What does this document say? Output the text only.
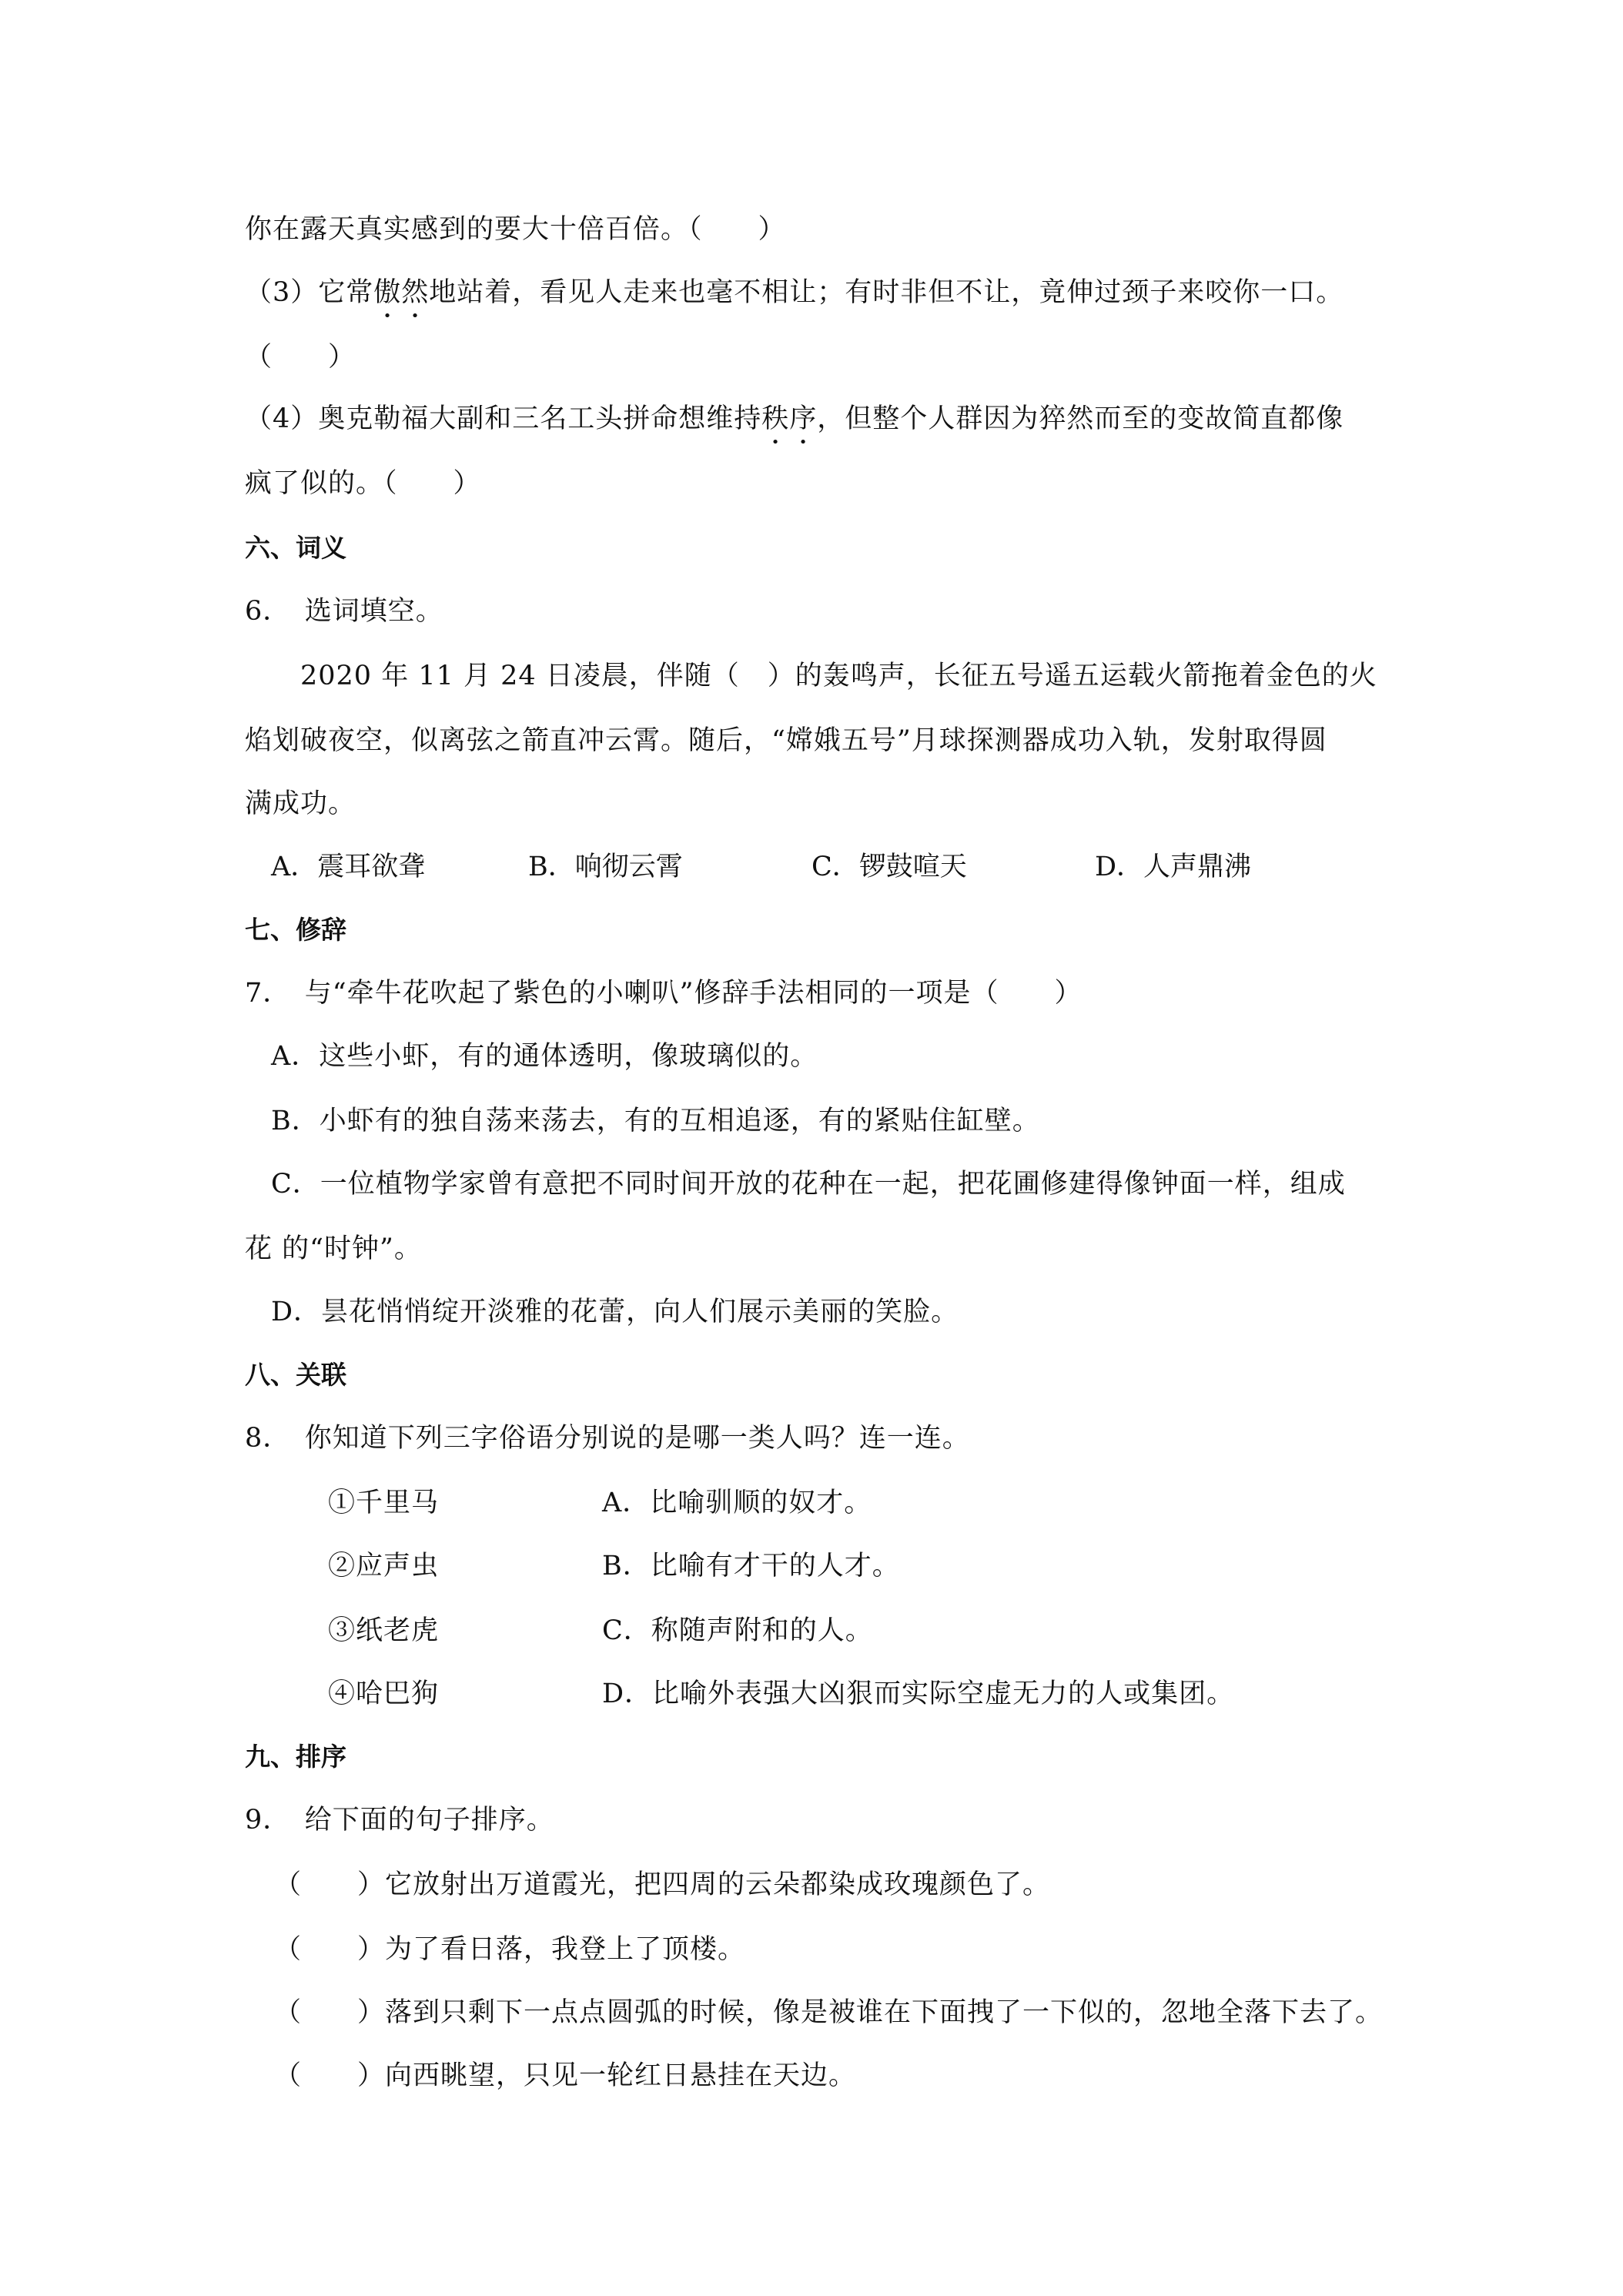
你在露天真实感到的要大十倍百倍。（　　）
（3）它常傲然地站着，看见人走来也毫不相让；有时非但不让，竟伸过颈子来咬你一口。
（　　）
（4）奥克勒福大副和三名工头拼命想维持秩序，但整个人群因为猝然而至的变故简直都像
疯了似的。（　　）
六、词义
6．　选词填空。
2020 年 11 月 24 日凌晨，伴随（　）的轰鸣声，长征五号遥五运载火箭拖着金色的火
焰划破夜空，似离弦之箭直冲云霄。随后，“嫦娥五号”月球探测器成功入轨，发射取得圆
满成功。
A．震耳欲聋	B．响彻云霄	C．锣鼓喧天	D．人声鼎沸
七、修辞
7．　与“牵牛花吹起了紫色的小喇叭”修辞手法相同的一项是（　　）
A．这些小虾，有的通体透明，像玻璃似的。
B．小虾有的独自荡来荡去，有的互相追逐，有的紧贴住缸壁。
C．一位植物学家曾有意把不同时间开放的花种在一起，把花圃修建得像钟面一样，组成
花 的“时钟”。
D．昙花悄悄绽开淡雅的花蕾，向人们展示美丽的笑脸。
八、关联
8．　你知道下列三字俗语分别说的是哪一类人吗？连一连。
①千里马	A．比喻驯顺的奴才。
②应声虫	B．比喻有才干的人才。
③纸老虎	C．称随声附和的人。
④哈巴狗	D．比喻外表强大凶狠而实际空虚无力的人或集团。
九、排序
9．　给下面的句子排序。
（　　）它放射出万道霞光，把四周的云朵都染成玫瑰颜色了。
（　　）为了看日落，我登上了顶楼。
（　　）落到只剩下一点点圆弧的时候，像是被谁在下面拽了一下似的，忽地全落下去了。
（　　）向西眺望，只见一轮红日悬挂在天边。
